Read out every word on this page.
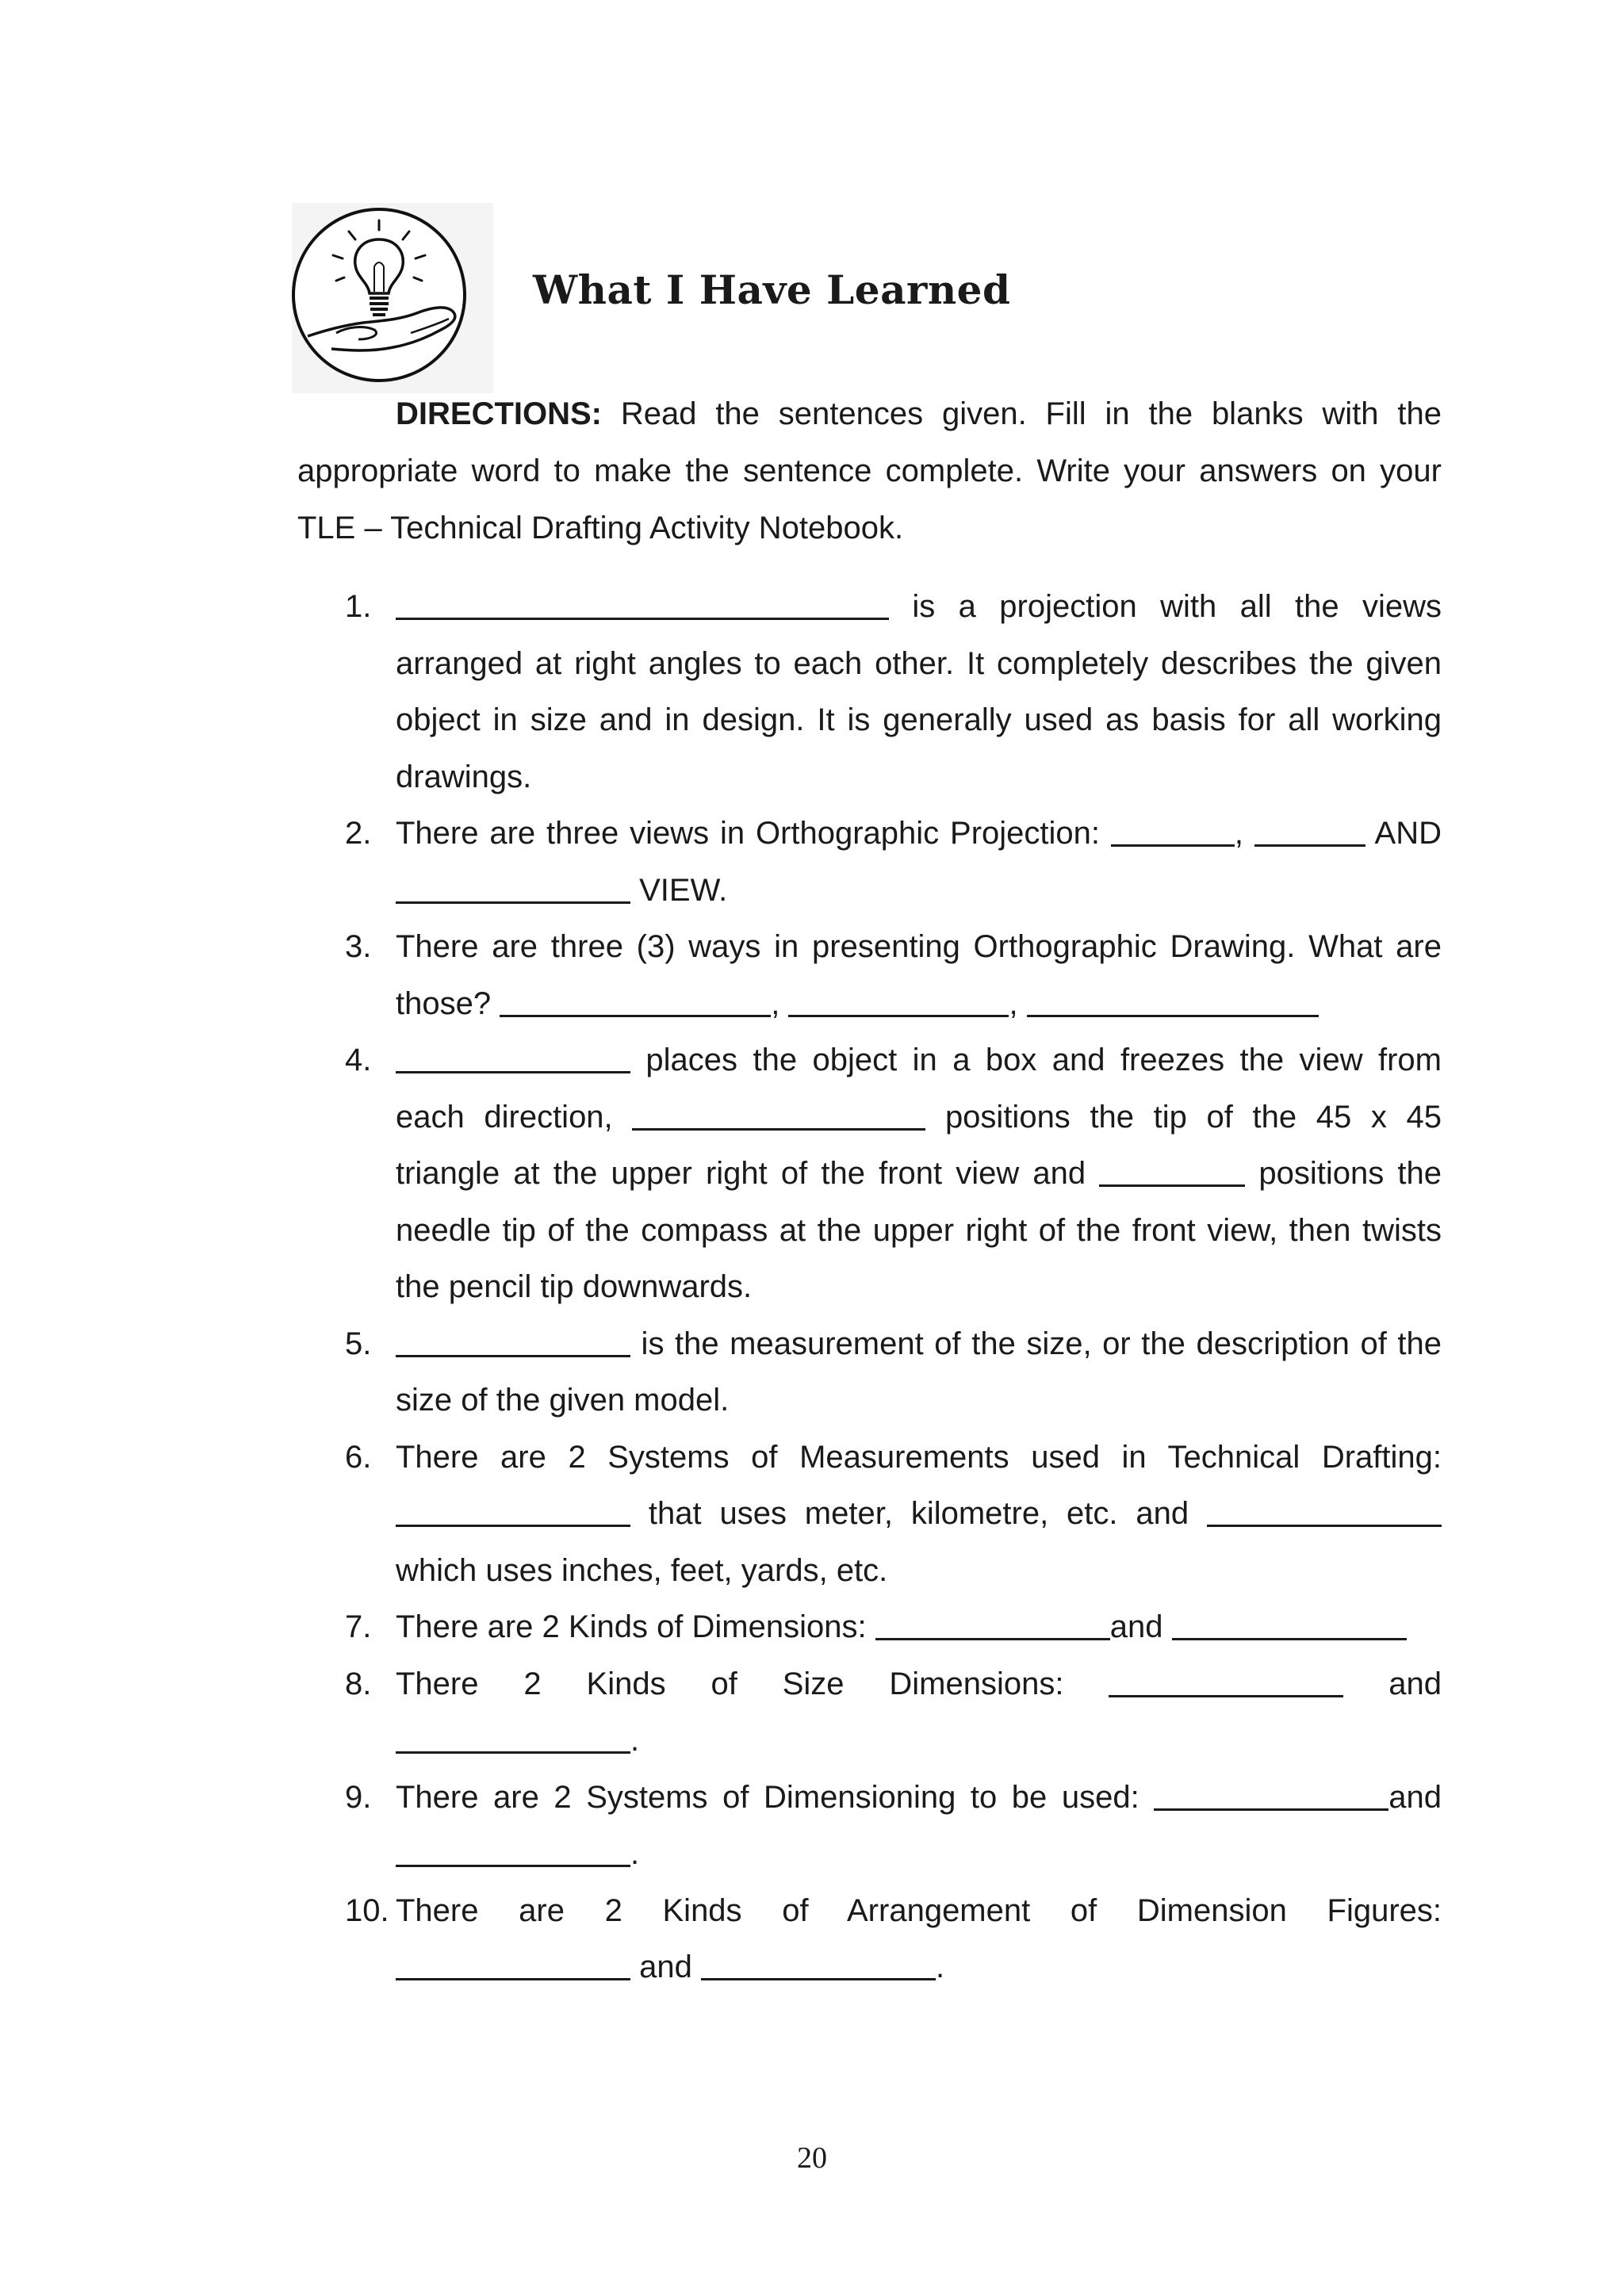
What I Have Learned
DIRECTIONS: Read the sentences given. Fill in the blanks with the appropriate word to make the sentence complete. Write your answers on your TLE – Technical Drafting Activity Notebook.
1.	is a projection with all the views arranged at right angles to each other. It completely describes the given object in size and in design. It is generally used as basis for all working drawings.
2. There are three views in Orthographic Projection:	,	AND  VIEW.
3. There are three (3) ways in presenting Orthographic Drawing. What are those?	,	,
4.	places the object in a box and freezes the view from each direction,	positions the tip of the 45 x 45 triangle at the upper right of the front view and	positions the needle tip of the compass at the upper right of the front view, then twists the pencil tip downwards.
5.	is the measurement of the size, or the description of the size of the given model.
6. There are 2 Systems of Measurements used in Technical Drafting:  that uses meter, kilometre, etc. and  which uses inches, feet, yards, etc.
7. There are 2 Kinds of Dimensions:	and
8. There 2 Kinds of Size Dimensions:	and .
9. There are 2 Systems of Dimensioning to be used:	and .
10. There are 2 Kinds of Arrangement of Dimension Figures:  and	.
20
